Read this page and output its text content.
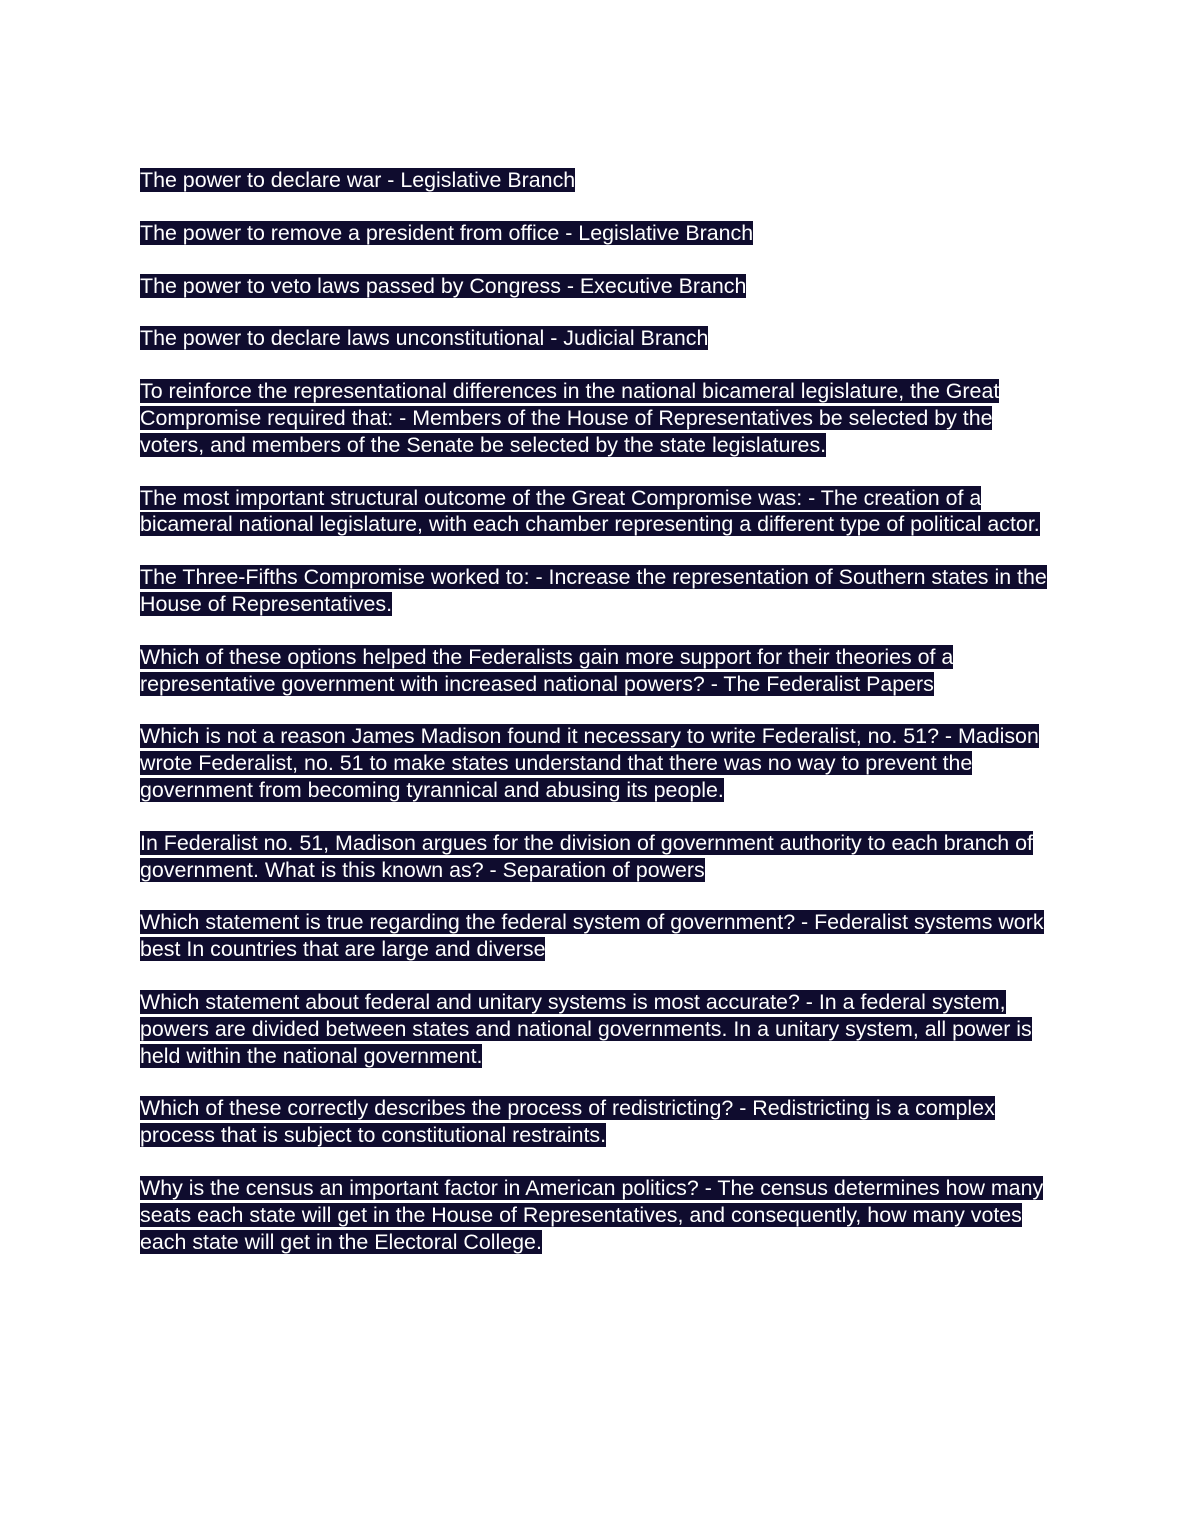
The power to declare war - Legislative Branch

The power to remove a president from office - Legislative Branch

The power to veto laws passed by Congress - Executive Branch

The power to declare laws unconstitutional - Judicial Branch

To reinforce the representational differences in the national bicameral legislature, the Great Compromise required that: - Members of the House of Representatives be selected by the voters, and members of the Senate be selected by the state legislatures.

The most important structural outcome of the Great Compromise was: - The creation of a bicameral national legislature, with each chamber representing a different type of political actor.

The Three-Fifths Compromise worked to: - Increase the representation of Southern states in the House of Representatives.

Which of these options helped the Federalists gain more support for their theories of a representative government with increased national powers? - The Federalist Papers

Which is not a reason James Madison found it necessary to write Federalist, no. 51? - Madison wrote Federalist, no. 51 to make states understand that there was no way to prevent the government from becoming tyrannical and abusing its people.

In Federalist no. 51, Madison argues for the division of government authority to each branch of government. What is this known as? - Separation of powers

Which statement is true regarding the federal system of government? - Federalist systems work best In countries that are large and diverse

Which statement about federal and unitary systems is most accurate? - In a federal system, powers are divided between states and national governments. In a unitary system, all power is held within the national government.

Which of these correctly describes the process of redistricting? - Redistricting is a complex process that is subject to constitutional restraints.

Why is the census an important factor in American politics? - The census determines how many seats each state will get in the House of Representatives, and consequently, how many votes each state will get in the Electoral College.
